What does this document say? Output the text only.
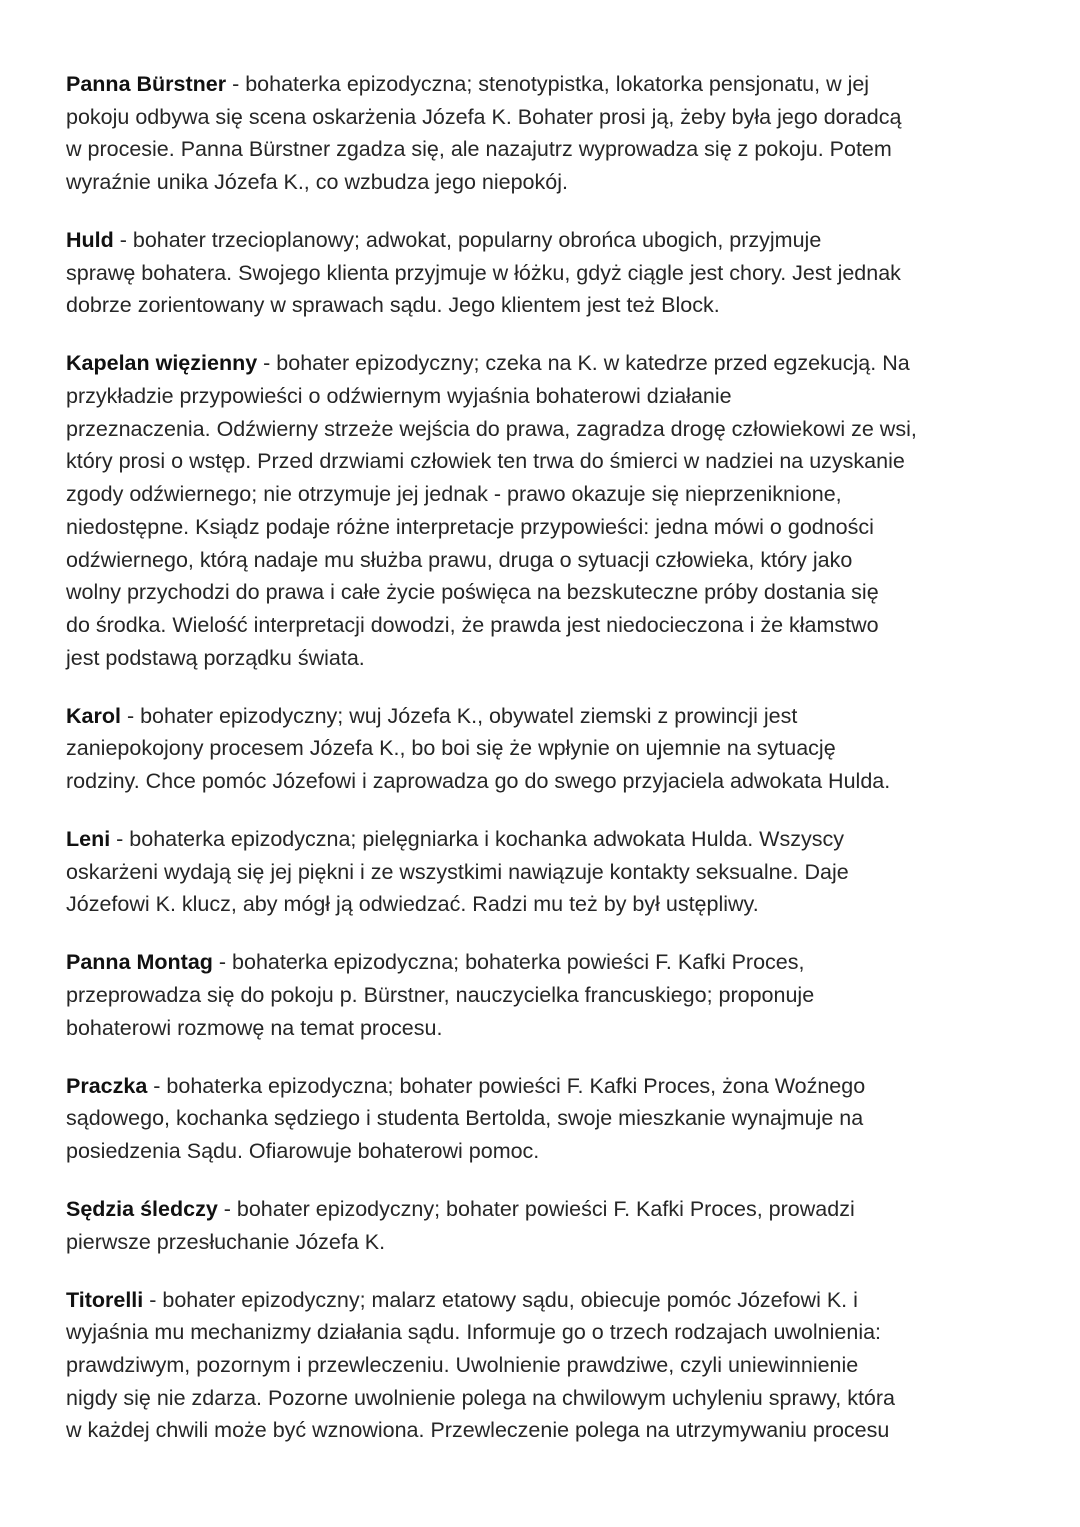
Panna Bürstner - bohaterka epizodyczna; stenotypistka, lokatorka pensjonatu, w jej
pokoju odbywa się scena oskarżenia Józefa K. Bohater prosi ją, żeby była jego doradcą
w procesie. Panna Bürstner zgadza się, ale nazajutrz wyprowadza się z pokoju. Potem
wyraźnie unika Józefa K., co wzbudza jego niepokój.
Huld - bohater trzecioplanowy; adwokat, popularny obrońca ubogich, przyjmuje
sprawę bohatera. Swojego klienta przyjmuje w łóżku, gdyż ciągle jest chory. Jest jednak
dobrze zorientowany w sprawach sądu. Jego klientem jest też Block.
Kapelan więzienny - bohater epizodyczny; czeka na K. w katedrze przed egzekucją. Na
przykładzie przypowieści o odźwiernym wyjaśnia bohaterowi działanie
przeznaczenia. Odźwierny strzeże wejścia do prawa, zagradza drogę człowiekowi ze wsi,
który prosi o wstęp. Przed drzwiami człowiek ten trwa do śmierci w nadziei na uzyskanie
zgody odźwiernego; nie otrzymuje jej jednak - prawo okazuje się nieprzeniknione,
niedostępne. Ksiądz podaje różne interpretacje przypowieści: jedna mówi o godności
odźwiernego, którą nadaje mu służba prawu, druga o sytuacji człowieka, który jako
wolny przychodzi do prawa i całe życie poświęca na bezskuteczne próby dostania się
do środka. Wielość interpretacji dowodzi, że prawda jest niedocieczona i że kłamstwo
jest podstawą porządku świata.
Karol - bohater epizodyczny; wuj Józefa K., obywatel ziemski z prowincji jest
zaniepokojony procesem Józefa K., bo boi się że wpłynie on ujemnie na sytuację
rodziny. Chce pomóc Józefowi i zaprowadza go do swego przyjaciela adwokata Hulda.
Leni - bohaterka epizodyczna; pielęgniarka i kochanka adwokata Hulda. Wszyscy
oskarżeni wydają się jej piękni i ze wszystkimi nawiązuje kontakty seksualne. Daje
Józefowi K. klucz, aby mógł ją odwiedzać. Radzi mu też by był ustępliwy.
Panna Montag - bohaterka epizodyczna; bohaterka powieści F. Kafki Proces,
przeprowadza się do pokoju p. Bürstner, nauczycielka francuskiego; proponuje
bohaterowi rozmowę na temat procesu.
Praczka - bohaterka epizodyczna; bohater powieści F. Kafki Proces, żona Woźnego
sądowego, kochanka sędziego i studenta Bertolda, swoje mieszkanie wynajmuje na
posiedzenia Sądu. Ofiarowuje bohaterowi pomoc.
Sędzia śledczy - bohater epizodyczny; bohater powieści F. Kafki Proces, prowadzi
pierwsze przesłuchanie Józefa K.
Titorelli - bohater epizodyczny; malarz etatowy sądu, obiecuje pomóc Józefowi K. i
wyjaśnia mu mechanizmy działania sądu. Informuje go o trzech rodzajach uwolnienia:
prawdziwym, pozornym i przewleczeniu. Uwolnienie prawdziwe, czyli uniewinnienie
nigdy się nie zdarza. Pozorne uwolnienie polega na chwilowym uchyleniu sprawy, która
w każdej chwili może być wznowiona. Przewleczenie polega na utrzymywaniu procesu
